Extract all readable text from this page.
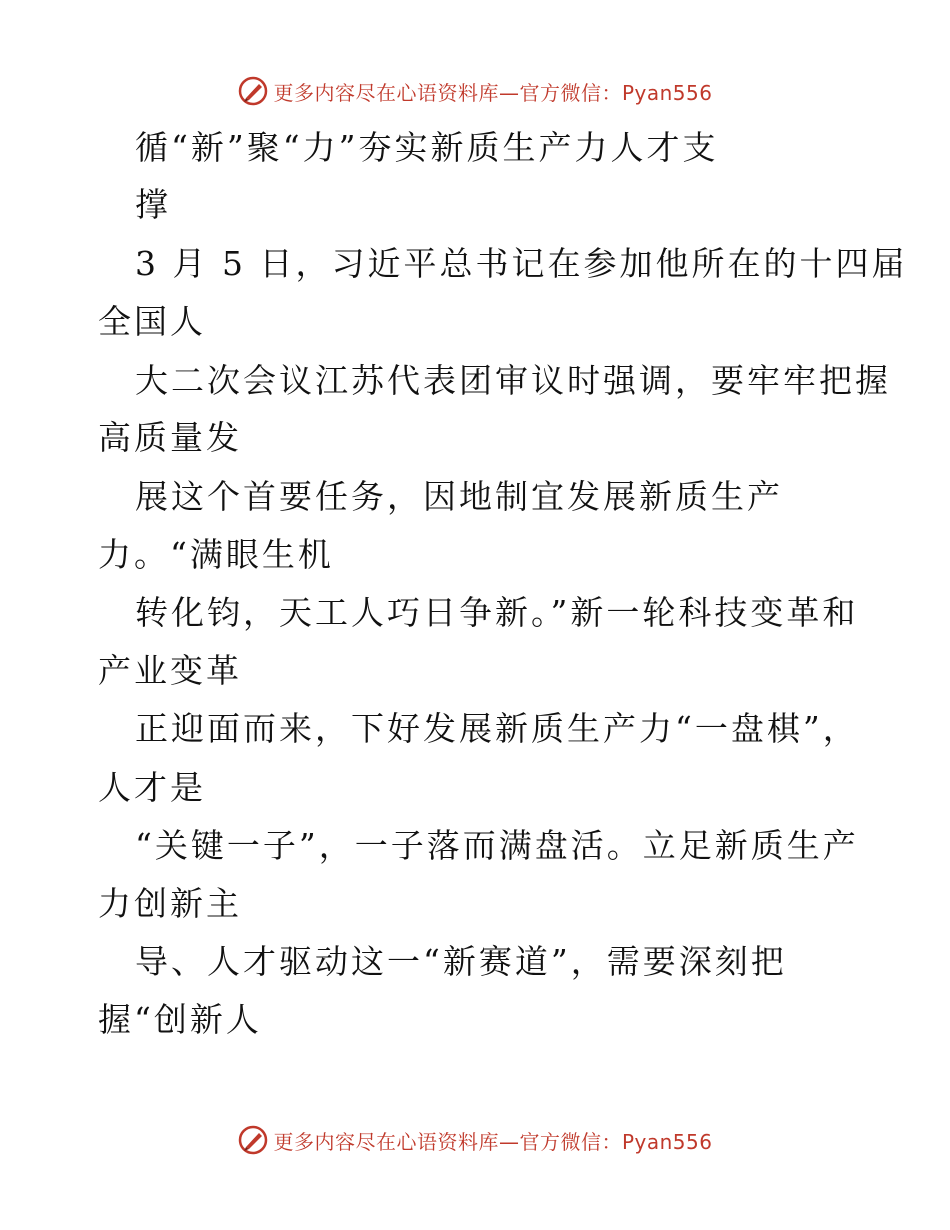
更多内容尽在心语资料库—官方微信：Pyan556
循“新”聚“力”夯实新质生产力人才支
撑
3 月 5 日，习近平总书记在参加他所在的十四届
全国人
大二次会议江苏代表团审议时强调，要牢牢把握
高质量发
展这个首要任务，因地制宜发展新质生产
力。“满眼生机
转化钧，天工人巧日争新。”新一轮科技变革和
产业变革
正迎面而来，下好发展新质生产力“一盘棋”，
人才是
“关键一子”，一子落而满盘活。立足新质生产
力创新主
导、人才驱动这一“新赛道”，需要深刻把
握“创新人
更多内容尽在心语资料库—官方微信：Pyan556
